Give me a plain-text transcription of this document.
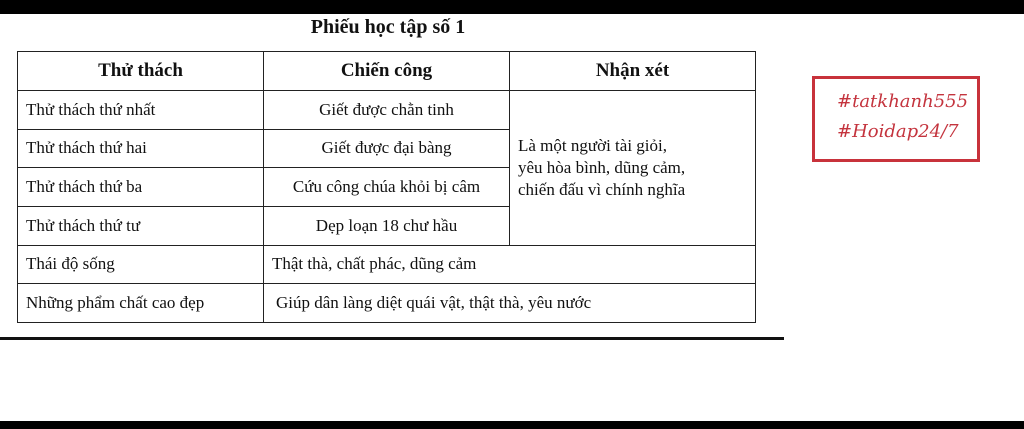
Phiếu học tập số 1
Thử thách	Chiến công	Nhận xét
Thử thách thứ nhất	Giết được chằn tinh	Là một người tài giỏi,
yêu hòa bình, dũng cảm,
chiến đấu vì chính nghĩa

Thử thách thứ hai	Giết được đại bàng	
Thử thách thứ ba	Cứu công chúa khỏi bị câm	
Thử thách thứ tư	Dẹp loạn 18 chư hầu	
Thái độ sống	Thật thà, chất phác, dũng cảm	
Những phẩm chất cao đẹp	Giúp dân làng diệt quái vật, thật thà, yêu nước	
#tatkhanh555
#Hoidap24/7
